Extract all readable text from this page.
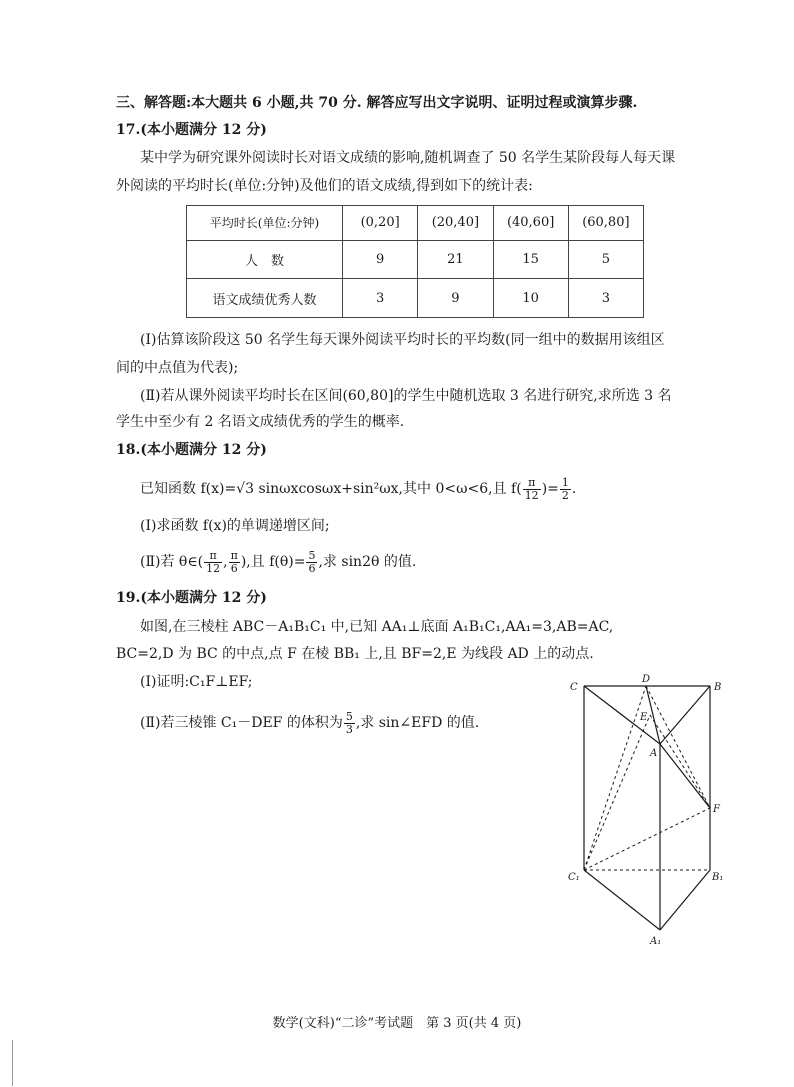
三、解答题:本大题共 6 小题,共 70 分. 解答应写出文字说明、证明过程或演算步骤.
17.(本小题满分 12 分)
某中学为研究课外阅读时长对语文成绩的影响,随机调查了 50 名学生某阶段每人每天课
外阅读的平均时长(单位:分钟)及他们的语文成绩,得到如下的统计表:
平均时长(单位:分钟)	(0,20]	(20,40]	(40,60]	(60,80]
人　数	9	21	15	5
语文成绩优秀人数	3	9	10	3
(Ⅰ)估算该阶段这 50 名学生每天课外阅读平均时长的平均数(同一组中的数据用该组区
间的中点值为代表);
(Ⅱ)若从课外阅读平均时长在区间(60,80]的学生中随机选取 3 名进行研究,求所选 3 名
学生中至少有 2 名语文成绩优秀的学生的概率.
18.(本小题满分 12 分)
已知函数 f(x)=√3 sinωxcosωx+sin²ωx,其中 0<ω<6,且 $f( \frac{\pi}{12}$ )= $\frac{1}{2}$ .
(Ⅰ)求函数 f(x)的单调递增区间;
(Ⅱ)若 θ∈( $\frac{\pi}{12}$ , $\frac{\pi}{6}$ ),且 $f(\theta)= \frac{5}{6}$ ,求 sin2θ 的值.
19.(本小题满分 12 分)
如图,在三棱柱 ABC－A₁B₁C₁ 中,已知 AA₁⊥底面 A₁B₁C₁,AA₁=3,AB=AC,
BC=2,D 为 BC 的中点,点 F 在棱 BB₁ 上,且 BF=2,E 为线段 AD 上的动点.
(Ⅰ)证明:C₁F⊥EF;
(Ⅱ)若三棱锥 C₁－DEF 的体积为 $\frac{5}{3}$ ,求 sin∠EFD 的值.
C
D
B
E
A
F
C₁	B₁
A₁
数学(文科)“二诊”考试题　第 3 页(共 4 页)
